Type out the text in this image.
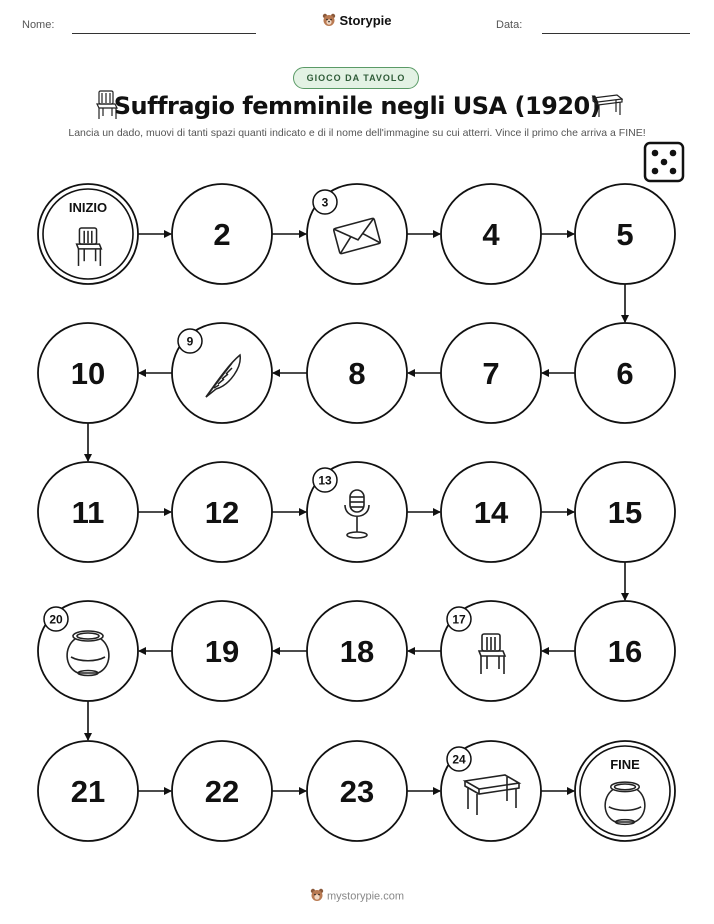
Nome:	Storypie	Data:
GIOCO DA TAVOLO
Suffragio femminile negli USA (1920)
Lancia un dado, muovi di tanti spazi quanti indicato e di il nome dell'immagine su cui atterri. Vince il primo che arriva a FINE!
INIZIO
2
3
4	5
6
7
8
9
10
11	12
13
14	15
16
17
18
19
20
21	22	23
24	FINE
mystorypie.com
